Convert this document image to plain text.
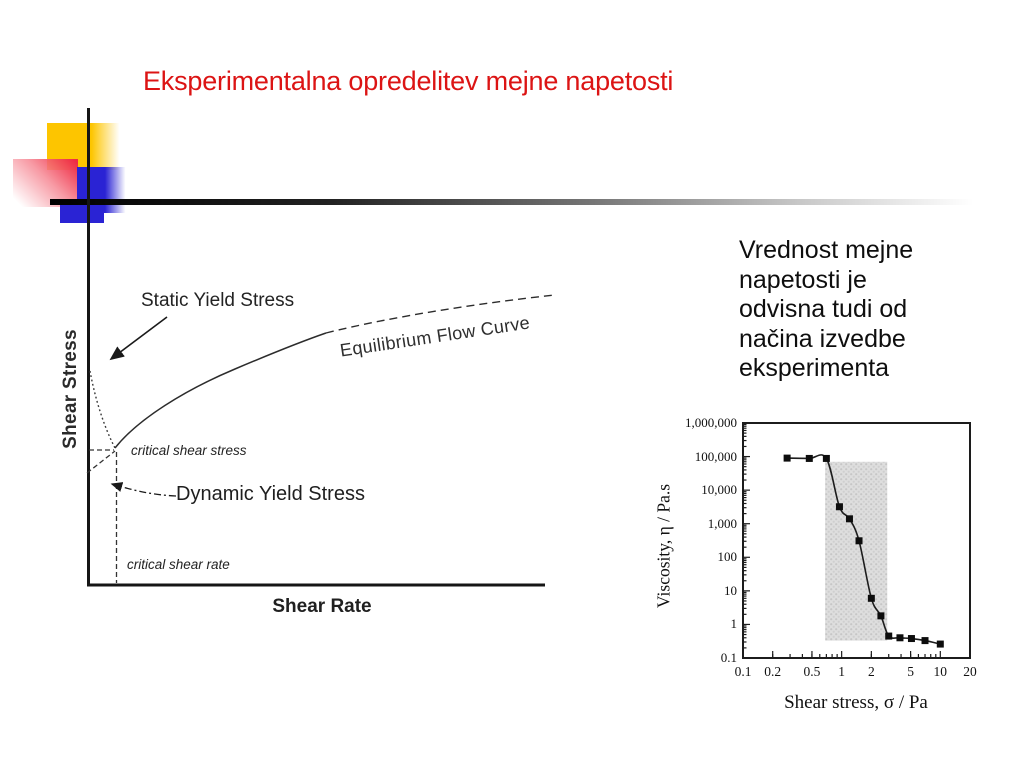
Eksperimentalna opredelitev mejne napetosti
Shear Stress
Static Yield Stress
Equilibrium Flow Curve
critical shear stress
Dynamic Yield Stress
critical shear rate
Shear Rate
Vrednost mejne
napetosti je
odvisna tudi od
načina izvedbe
eksperimenta
Viscosity, η / Pa.s
Shear stress, σ / Pa
1,000,000
100,000
10,000
1,000
100
10
1
0.1
0.1 0.2	0.5	1	2	5	10	20
